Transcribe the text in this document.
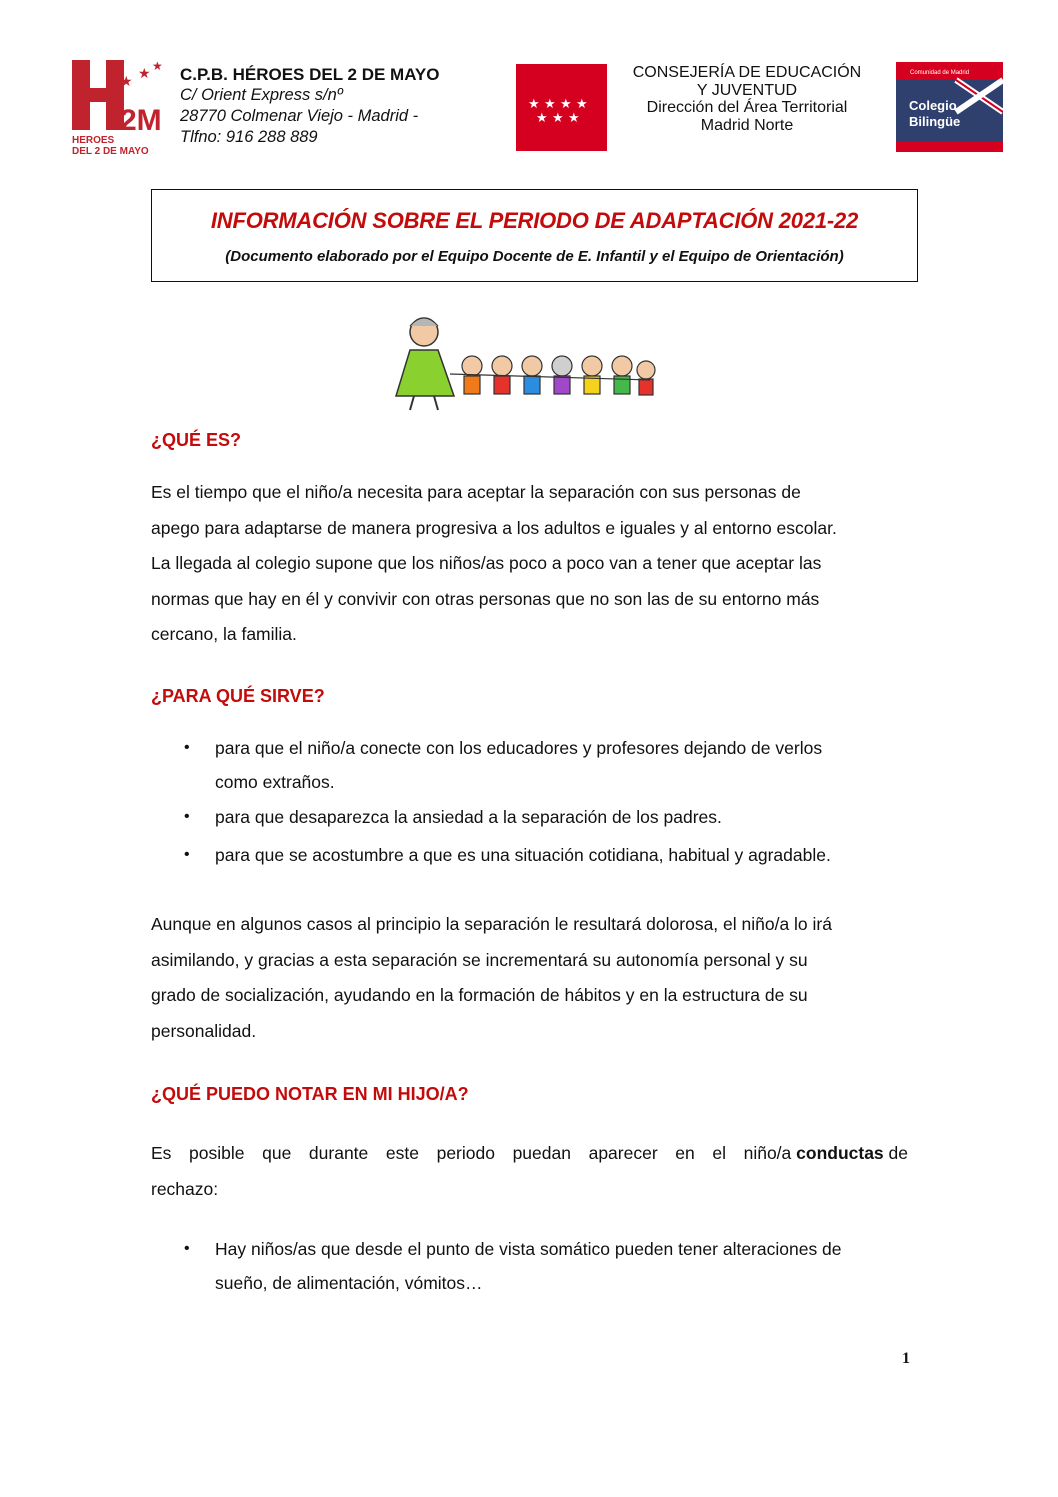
★ ★ ★
2M
HEROES
DEL 2 DE MAYO
C.P.B. HÉROES DEL 2 DE MAYO
C/ Orient Express s/nº
28770 Colmenar Viejo - Madrid -
Tlfno: 916 288 889
★ ★ ★ ★
★ ★ ★
CONSEJERÍA DE EDUCACIÓN
Y JUVENTUD
Dirección del Área Territorial
Madrid Norte
Comunidad de Madrid
Colegio
Bilingüe
INFORMACIÓN SOBRE EL PERIODO DE ADAPTACIÓN 2021-22
(Documento elaborado por el Equipo Docente de E. Infantil y el Equipo de Orientación)
¿QUÉ ES?
Es el tiempo que el niño/a necesita para aceptar la separación con sus personas de
apego para adaptarse de manera progresiva a los adultos e iguales y al entorno escolar.
La llegada al colegio supone que los niños/as poco a poco van a tener que aceptar las
normas que hay en él y convivir con otras personas que no son las de su entorno más
cercano, la familia.
¿PARA QUÉ SIRVE?
• para que el niño/a conecte con los educadores y profesores dejando de verlos
como extraños.
• para que desaparezca la ansiedad a la separación de los padres.
• para que se acostumbre a que es una situación cotidiana, habitual y agradable.
Aunque en algunos casos al principio la separación le resultará dolorosa, el niño/a lo irá
asimilando, y gracias a esta separación se incrementará su autonomía personal y su
grado de socialización, ayudando en la formación de hábitos y en la estructura de su
personalidad.
¿QUÉ PUEDO NOTAR EN MI HIJO/A?
Es posible que durante este periodo puedan aparecer en el niño/a conductas de
rechazo:
• Hay niños/as que desde el punto de vista somático pueden tener alteraciones de
sueño, de alimentación, vómitos…
1
